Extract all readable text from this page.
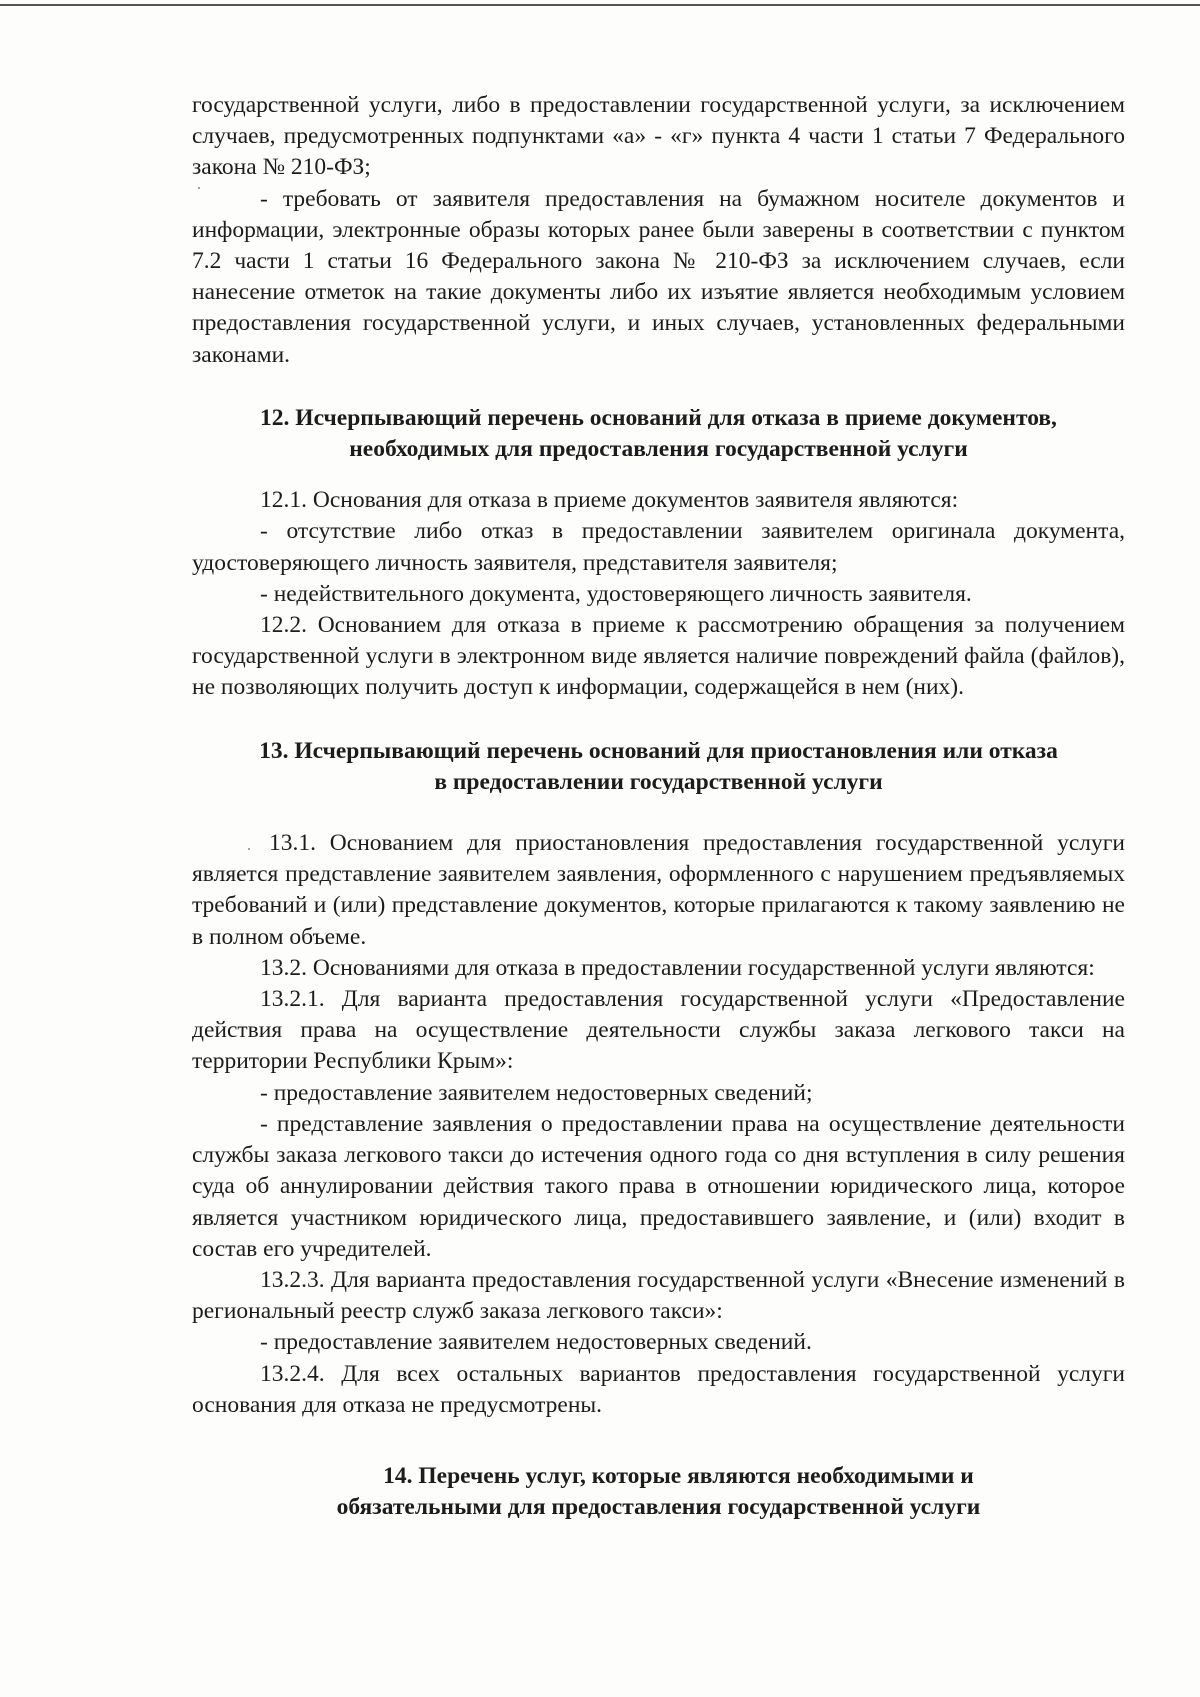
государственной услуги, либо в предоставлении государственной услуги, за исключением случаев, предусмотренных подпунктами «а» - «г» пункта 4 части 1 статьи 7 Федерального закона № 210-ФЗ;

- требовать от заявителя предоставления на бумажном носителе документов и информации, электронные образы которых ранее были заверены в соответствии с пунктом 7.2 части 1 статьи 16 Федерального закона № 210-ФЗ за исключением случаев, если нанесение отметок на такие документы либо их изъятие является необходимым условием предоставления государственной услуги, и иных случаев, установленных федеральными законами.

12. Исчерпывающий перечень оснований для отказа в приеме документов,

необходимых для предоставления государственной услуги

12.1. Основания для отказа в приеме документов заявителя являются:

- отсутствие либо отказ в предоставлении заявителем оригинала документа, удостоверяющего личность заявителя, представителя заявителя;

- недействительного документа, удостоверяющего личность заявителя.

12.2. Основанием для отказа в приеме к рассмотрению обращения за получением государственной услуги в электронном виде является наличие повреждений файла (файлов), не позволяющих получить доступ к информации, содержащейся в нем (них).

13. Исчерпывающий перечень оснований для приостановления или отказа

в предоставлении государственной услуги

13.1. Основанием для приостановления предоставления государственной услуги является представление заявителем заявления, оформленного с нарушением предъявляемых требований и (или) представление документов, которые прилагаются к такому заявлению не в полном объеме.

13.2. Основаниями для отказа в предоставлении государственной услуги являются:

13.2.1. Для варианта предоставления государственной услуги «Предоставление действия права на осуществление деятельности службы заказа легкового такси на территории Республики Крым»:

- предоставление заявителем недостоверных сведений;

- представление заявления о предоставлении права на осуществление деятельности службы заказа легкового такси до истечения одного года со дня вступления в силу решения суда об аннулировании действия такого права в отношении юридического лица, которое является участником юридического лица, предоставившего заявление, и (или) входит в состав его учредителей.

13.2.3. Для варианта предоставления государственной услуги «Внесение изменений в региональный реестр служб заказа легкового такси»:

- предоставление заявителем недостоверных сведений.

13.2.4. Для всех остальных вариантов предоставления государственной услуги основания для отказа не предусмотрены.

14. Перечень услуг, которые являются необходимыми и

обязательными для предоставления государственной услуги
